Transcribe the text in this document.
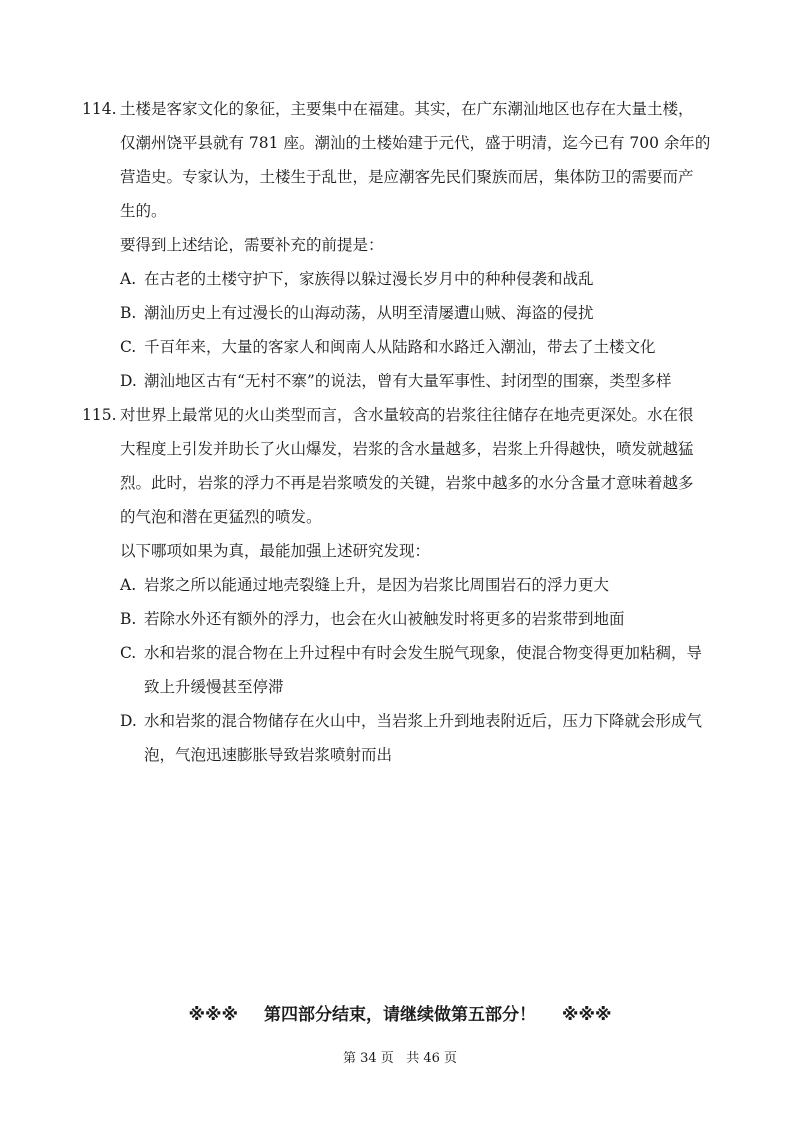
114. 土楼是客家文化的象征，主要集中在福建。其实，在广东潮汕地区也存在大量土楼，
仅潮州饶平县就有 781 座。潮汕的土楼始建于元代，盛于明清，迄今已有 700 余年的
营造史。专家认为，土楼生于乱世，是应潮客先民们聚族而居，集体防卫的需要而产
生的。
要得到上述结论，需要补充的前提是：
A. 在古老的土楼守护下，家族得以躲过漫长岁月中的种种侵袭和战乱
B. 潮汕历史上有过漫长的山海动荡，从明至清屡遭山贼、海盗的侵扰
C. 千百年来，大量的客家人和闽南人从陆路和水路迁入潮汕，带去了土楼文化
D. 潮汕地区古有“无村不寨”的说法，曾有大量军事性、封闭型的围寨，类型多样
115. 对世界上最常见的火山类型而言，含水量较高的岩浆往往储存在地壳更深处。水在很
大程度上引发并助长了火山爆发，岩浆的含水量越多，岩浆上升得越快，喷发就越猛
烈。此时，岩浆的浮力不再是岩浆喷发的关键，岩浆中越多的水分含量才意味着越多
的气泡和潜在更猛烈的喷发。
以下哪项如果为真，最能加强上述研究发现：
A. 岩浆之所以能通过地壳裂缝上升，是因为岩浆比周围岩石的浮力更大
B. 若除水外还有额外的浮力，也会在火山被触发时将更多的岩浆带到地面
C. 水和岩浆的混合物在上升过程中有时会发生脱气现象，使混合物变得更加粘稠，导
致上升缓慢甚至停滞
D. 水和岩浆的混合物储存在火山中，当岩浆上升到地表附近后，压力下降就会形成气
泡，气泡迅速膨胀导致岩浆喷射而出
※※※ 第四部分结束，请继续做第五部分！ ※※※
第 34 页   共 46 页
